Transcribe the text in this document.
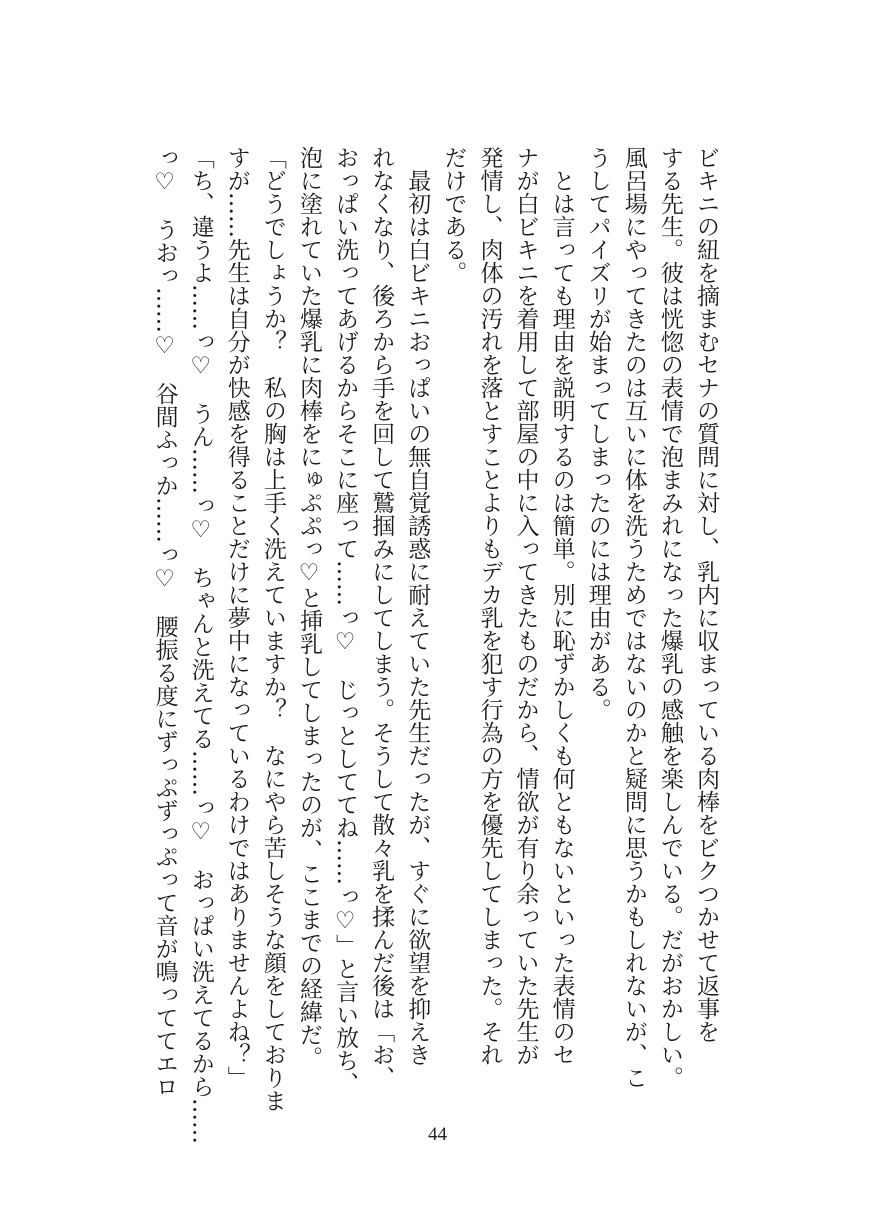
ビキニの紐を摘まむセナの質問に対し、乳内に収まっている肉棒をビクつかせて返事を

する先生。彼は恍惚の表情で泡まみれになった爆乳の感触を楽しんでいる。だがおかしい。

風呂場にやってきたのは互いに体を洗うためではないのかと疑問に思うかもしれないが、こ

うしてパイズリが始まってしまったのには理由がある。

　とは言っても理由を説明するのは簡単。別に恥ずかしくも何ともないといった表情のセ

ナが白ビキニを着用して部屋の中に入ってきたものだから、情欲が有り余っていた先生が

発情し、肉体の汚れを落とすことよりもデカ乳を犯す行為の方を優先してしまった。それ

だけである。

　最初は白ビキニおっぱいの無自覚誘惑に耐えていた先生だったが、すぐに欲望を抑えき

れなくなり、後ろから手を回して鷲掴みにしてしまう。そうして散々乳を揉んだ後は「お、

おっぱい洗ってあげるからそこに座って……っ♡　じっとしててね……っ♡」と言い放ち、

泡に塗れていた爆乳に肉棒をにゅぷぷっ♡と挿乳してしまったのが、ここまでの経緯だ。

「どうでしょうか？　私の胸は上手く洗えていますか？　なにやら苦しそうな顔をしておりま

すが……先生は自分が快感を得ることだけに夢中になっているわけではありませんよね？」

「ち、違うよ……っ♡　うん……っ♡　ちゃんと洗えてる……っ♡　おっぱい洗えてるから……

っ♡　うおっ……♡　谷間ふっか……っ♡　腰振る度にずっぷずっぷって音が鳴っててエロ

44
